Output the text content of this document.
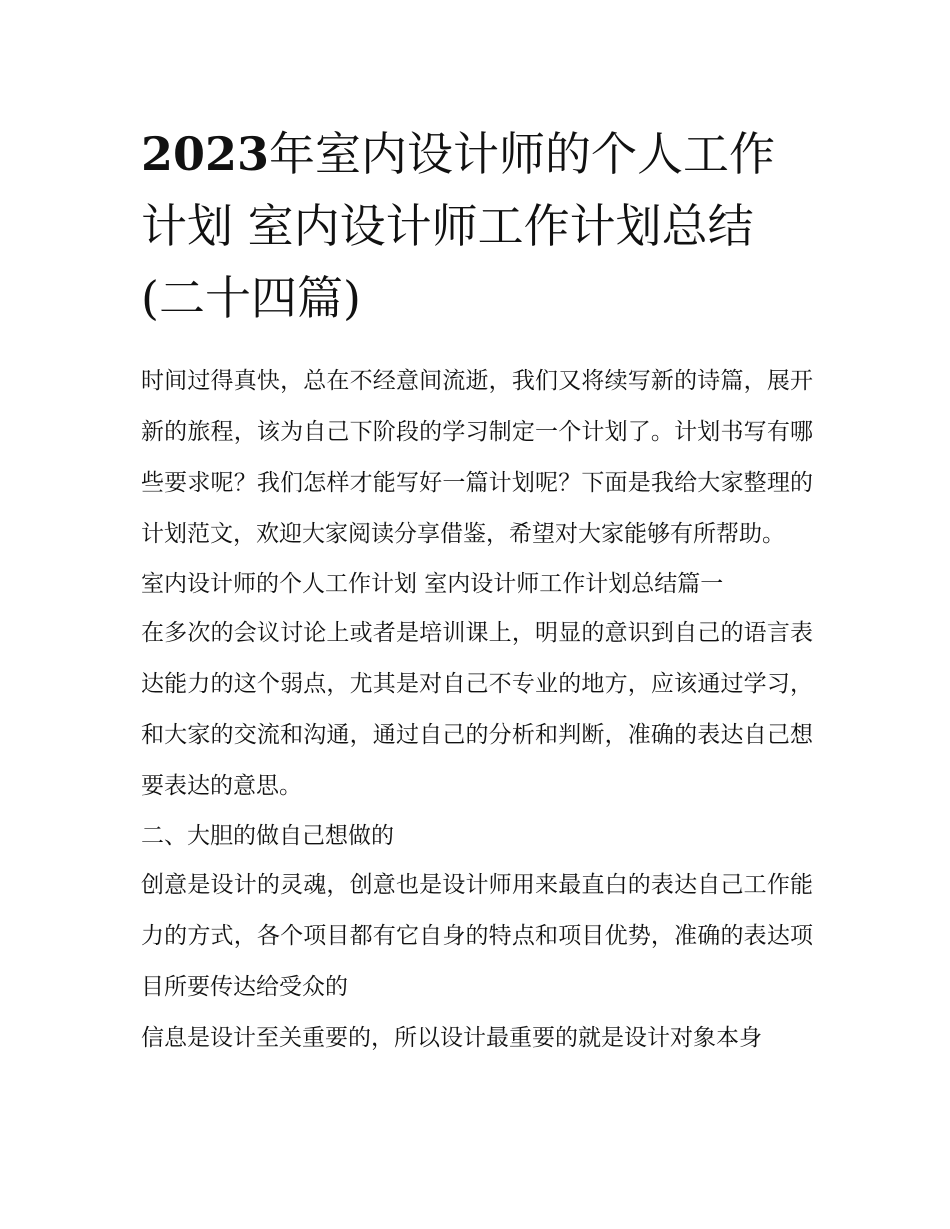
2023年室内设计师的个人工作计划 室内设计师工作计划总结(二十四篇)

时间过得真快，总在不经意间流逝，我们又将续写新的诗篇，展开新的旅程，该为自己下阶段的学习制定一个计划了。计划书写有哪些要求呢？我们怎样才能写好一篇计划呢？下面是我给大家整理的计划范文，欢迎大家阅读分享借鉴，希望对大家能够有所帮助。

室内设计师的个人工作计划 室内设计师工作计划总结篇一

在多次的会议讨论上或者是培训课上，明显的意识到自己的语言表达能力的这个弱点，尤其是对自己不专业的地方，应该通过学习，和大家的交流和沟通，通过自己的分析和判断，准确的表达自己想要表达的意思。

二、大胆的做自己想做的

创意是设计的灵魂，创意也是设计师用来最直白的表达自己工作能力的方式，各个项目都有它自身的特点和项目优势，准确的表达项目所要传达给受众的

信息是设计至关重要的，所以设计最重要的就是设计对象本身
